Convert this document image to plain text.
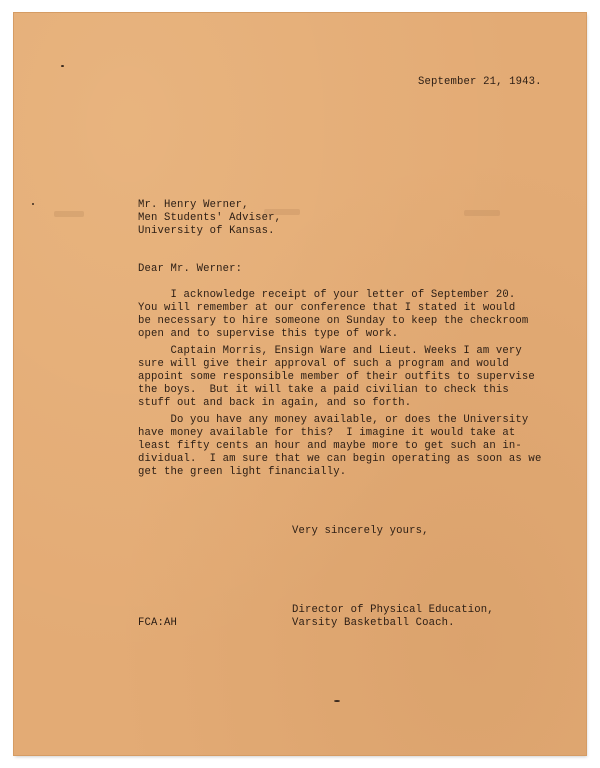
September 21, 1943.

Mr. Henry Werner,
Men Students' Adviser,
University of Kansas.

Dear Mr. Werner:

I acknowledge receipt of your letter of September 20.
You will remember at our conference that I stated it would
be necessary to hire someone on Sunday to keep the checkroom
open and to supervise this type of work.
Captain Morris, Ensign Ware and Lieut. Weeks I am very
sure will give their approval of such a program and would
appoint some responsible member of their outfits to supervise
the boys.  But it will take a paid civilian to check this
stuff out and back in again, and so forth.
Do you have any money available, or does the University
have money available for this?  I imagine it would take at
least fifty cents an hour and maybe more to get such an in-
dividual.  I am sure that we can begin operating as soon as we
get the green light financially.

Very sincerely yours,

Director of Physical Education,
Varsity Basketball Coach.

FCA:AH
